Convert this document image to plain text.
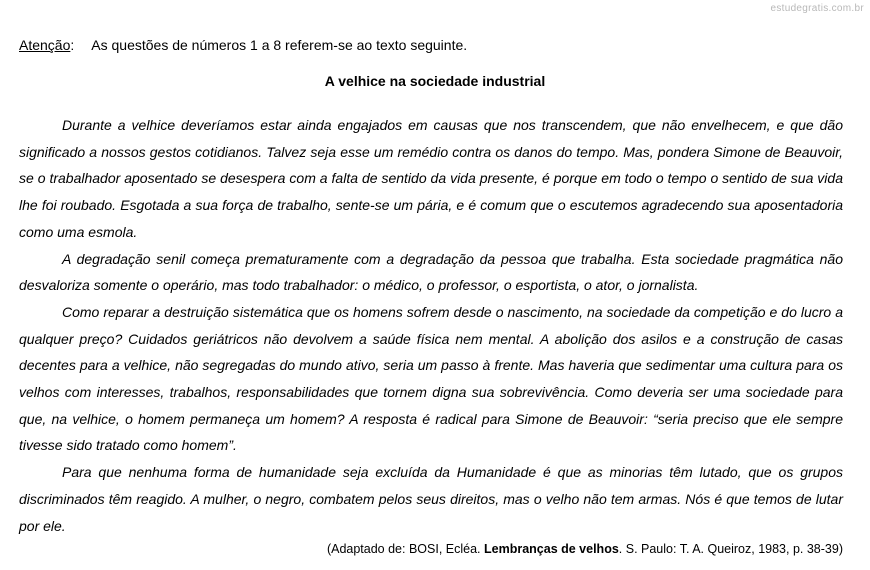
estudegratis.com.br
Atenção: As questões de números 1 a 8 referem-se ao texto seguinte.
A velhice na sociedade industrial

Durante a velhice deveríamos estar ainda engajados em causas que nos transcendem, que não envelhecem, e que dão significado a nossos gestos cotidianos. Talvez seja esse um remédio contra os danos do tempo. Mas, pondera Simone de Beauvoir, se o trabalhador aposentado se desespera com a falta de sentido da vida presente, é porque em todo o tempo o sentido de sua vida lhe foi roubado. Esgotada a sua força de trabalho, sente-se um pária, e é comum que o escutemos agradecendo sua aposentadoria como uma esmola.

A degradação senil começa prematuramente com a degradação da pessoa que trabalha. Esta sociedade pragmática não desvaloriza somente o operário, mas todo trabalhador: o médico, o professor, o esportista, o ator, o jornalista.

Como reparar a destruição sistemática que os homens sofrem desde o nascimento, na sociedade da competição e do lucro a qualquer preço? Cuidados geriátricos não devolvem a saúde física nem mental. A abolição dos asilos e a construção de casas decentes para a velhice, não segregadas do mundo ativo, seria um passo à frente. Mas haveria que sedimentar uma cultura para os velhos com interesses, trabalhos, responsabilidades que tornem digna sua sobrevivência. Como deveria ser uma sociedade para que, na velhice, o homem permaneça um homem? A resposta é radical para Simone de Beauvoir: “seria preciso que ele sempre tivesse sido tratado como homem”.

Para que nenhuma forma de humanidade seja excluída da Humanidade é que as minorias têm lutado, que os grupos discriminados têm reagido. A mulher, o negro, combatem pelos seus direitos, mas o velho não tem armas. Nós é que temos de lutar por ele.

(Adaptado de: BOSI, Ecléa. Lembranças de velhos. S. Paulo: T. A. Queiroz, 1983, p. 38-39)
